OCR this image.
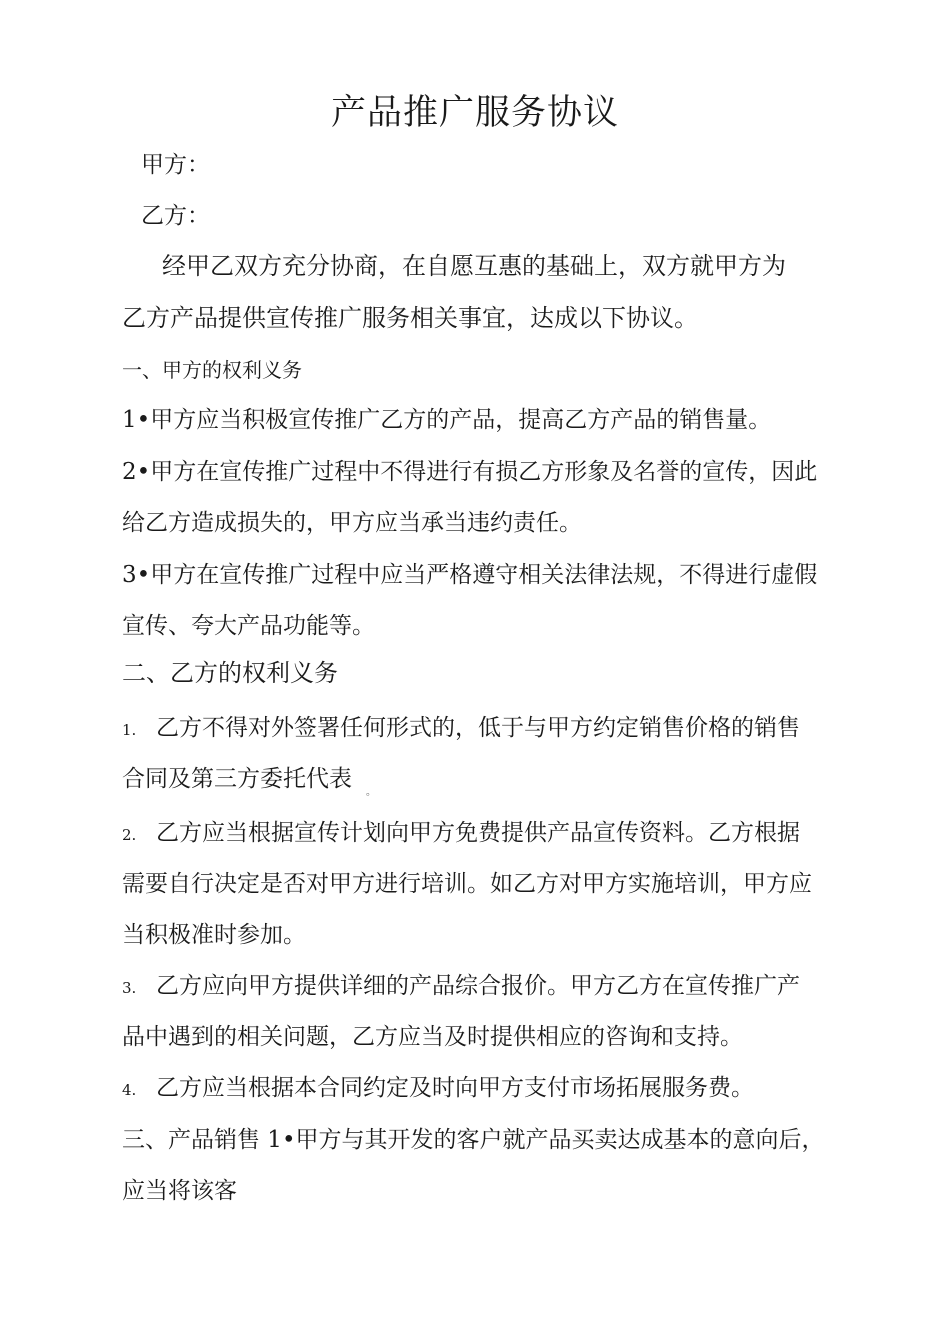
产品推广服务协议
甲方：
乙方：
经甲乙双方充分协商，在自愿互惠的基础上，双方就甲方为
乙方产品提供宣传推广服务相关事宜，达成以下协议。
一、甲方的权利义务
1•甲方应当积极宣传推广乙方的产品，提高乙方产品的销售量。
2•甲方在宣传推广过程中不得进行有损乙方形象及名誉的宣传，因此
给乙方造成损失的，甲方应当承当违约责任。
3•甲方在宣传推广过程中应当严格遵守相关法律法规，不得进行虚假
宣传、夸大产品功能等。
二、乙方的权利义务
1. 乙方不得对外签署任何形式的，低于与甲方约定销售价格的销售
合同及第三方委托代表
。
2. 乙方应当根据宣传计划向甲方免费提供产品宣传资料。乙方根据
需要自行决定是否对甲方进行培训。如乙方对甲方实施培训，甲方应
当积极准时参加。
3. 乙方应向甲方提供详细的产品综合报价。甲方乙方在宣传推广产
品中遇到的相关问题，乙方应当及时提供相应的咨询和支持。
4. 乙方应当根据本合同约定及时向甲方支付市场拓展服务费。
三、产品销售 1•甲方与其开发的客户就产品买卖达成基本的意向后，
应当将该客
